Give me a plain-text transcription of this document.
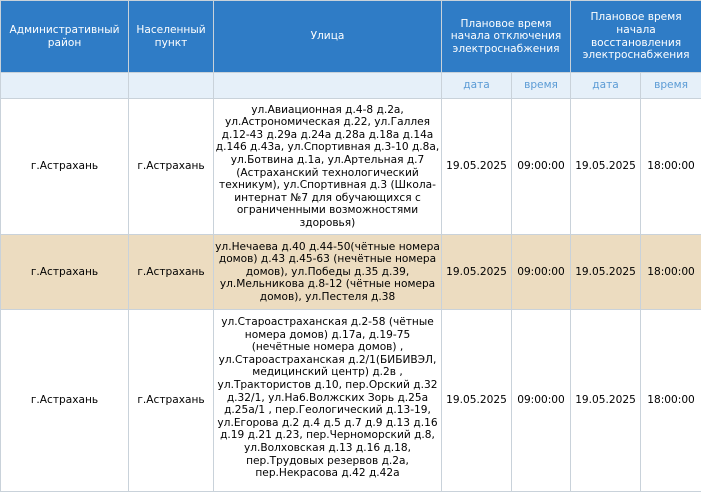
Административный район	Населенный пункт	Улица	Плановое время начала отключения электроснабжения		Плановое время начала восстановления электроснабжения	
			дата	время	дата	время
г.Астрахань	г.Астрахань	ул.Авиационная д.4-8 д.2а, ул.Астрономическая д.22, ул.Галлея д.12-43 д.29а д.24а д.28а д.18а д.14а д.146 д.43а, ул.Спортивная д.3-10 д.8а, ул.Ботвина д.1а, ул.Артельная д.7 (Астраханский технологический техникум), ул.Спортивная д.3 (Школа-интернат №7 для обучающихся с ограниченными возможностями здоровья)	19.05.2025	09:00:00	19.05.2025	18:00:00
г.Астрахань	г.Астрахань	ул.Нечаева д.40 д.44-50(чётные номера домов) д.43 д.45-63 (нечётные номера домов), ул.Победы д.35 д.39, ул.Мельникова д.8-12 (чётные номера домов), ул.Пестеля д.38	19.05.2025	09:00:00	19.05.2025	18:00:00
г.Астрахань	г.Астрахань	ул.Староастраханская д.2-58 (чётные номера домов) д.17а, д.19-75 (нечётные номера домов) , ул.Староастраханская д.2/1(БИБИВЭЛ, медицинский центр) д.2в , ул.Трактористов д.10, пер.Орский д.32 д.32/1, ул.На6.Волжских Зорь д.25а д.25а/1 , пер.Геологический д.13-19, ул.Егорова д.2 д.4 д.5 д.7 д.9 д.13 д.16 д.19 д.21 д.23, пер.Черноморский д.8, ул.Волховская д.13 д.16 д.18, пер.Трудовых резервов д.2а, пер.Некрасова д.42 д.42а	19.05.2025	09:00:00	19.05.2025	18:00:00
